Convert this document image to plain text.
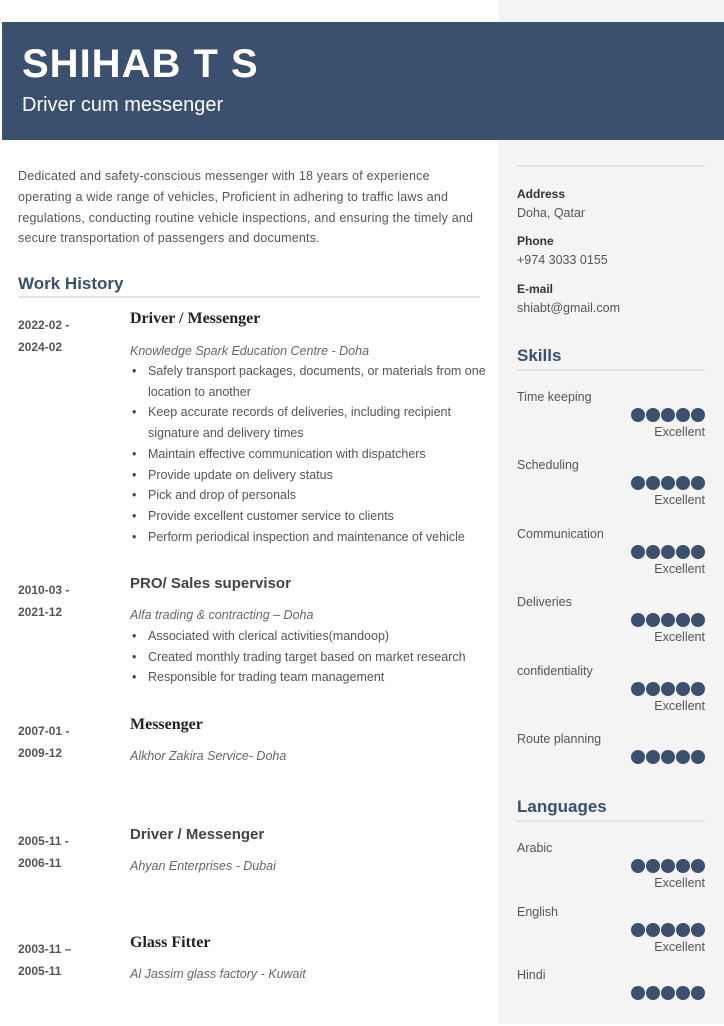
SHIHAB T S
Driver cum messenger
Dedicated and safety-conscious messenger with 18 years of experience operating a wide range of vehicles, Proficient in adhering to traffic laws and regulations, conducting routine vehicle inspections, and ensuring the timely and secure transportation of passengers and documents.
Work History
2022-02 -
2024-02
Driver / Messenger
Knowledge Spark Education Centre - Doha
• Safely transport packages, documents, or materials from one location to another
• Keep accurate records of deliveries, including recipient signature and delivery times
• Maintain effective communication with dispatchers
• Provide update on delivery status
• Pick and drop of personals
• Provide excellent customer service to clients
• Perform periodical inspection and maintenance of vehicle
2010-03 -
2021-12
PRO/ Sales supervisor
Alfa trading & contracting – Doha
• Associated with clerical activities(mandoop)
• Created monthly trading target based on market research
• Responsible for trading team management
2007-01 -
2009-12
Messenger
Alkhor Zakira Service- Doha
2005-11 -
2006-11
Driver / Messenger
Ahyan Enterprises - Dubai
2003-11 –
2005-11
Glass Fitter
Al Jassim glass factory - Kuwait
Address
Doha, Qatar
Phone
+974 3033 0155
E-mail
shiabt@gmail.com
Skills
Time keeping
Excellent
Scheduling
Excellent
Communication
Excellent
Deliveries
Excellent
confidentiality
Excellent
Route planning
Languages
Arabic
Excellent
English
Excellent
Hindi
